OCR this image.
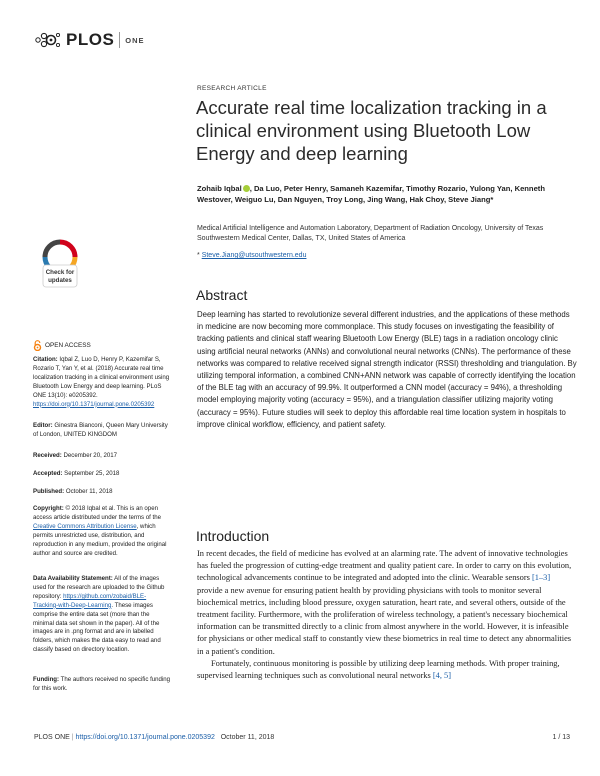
PLOS ONE
RESEARCH ARTICLE
Accurate real time localization tracking in a clinical environment using Bluetooth Low Energy and deep learning
Zohaib Iqbal , Da Luo, Peter Henry, Samaneh Kazemifar, Timothy Rozario, Yulong Yan, Kenneth Westover, Weiguo Lu, Dan Nguyen, Troy Long, Jing Wang, Hak Choy, Steve Jiang*
Medical Artificial Intelligence and Automation Laboratory, Department of Radiation Oncology, University of Texas Southwestern Medical Center, Dallas, TX, United States of America
* Steve.Jiang@utsouthwestern.edu
Abstract
Deep learning has started to revolutionize several different industries, and the applications of these methods in medicine are now becoming more commonplace. This study focuses on investigating the feasibility of tracking patients and clinical staff wearing Bluetooth Low Energy (BLE) tags in a radiation oncology clinic using artificial neural networks (ANNs) and convolutional neural networks (CNNs). The performance of these networks was compared to relative received signal strength indicator (RSSI) thresholding and triangulation. By utilizing temporal information, a combined CNN+ANN network was capable of correctly identifying the location of the BLE tag with an accuracy of 99.9%. It outperformed a CNN model (accuracy = 94%), a thresholding model employing majority voting (accuracy = 95%), and a triangulation classifier utilizing majority voting (accuracy = 95%). Future studies will seek to deploy this affordable real time location system in hospitals to improve clinical workflow, efficiency, and patient safety.
Introduction

In recent decades, the field of medicine has evolved at an alarming rate. The advent of innovative technologies has fueled the progression of cutting-edge treatment and quality patient care. In order to carry on this evolution, technological advancements continue to be integrated and adopted into the clinic. Wearable sensors [1–3] provide a new avenue for ensuring patient health by providing physicians with tools to monitor several biochemical metrics, including blood pressure, oxygen saturation, heart rate, and several others, outside of the treatment facility. Furthermore, with the proliferation of wireless technology, a patient's necessary biochemical information can be transmitted directly to a clinic from almost anywhere in the world. However, it is infeasible for physicians or other medical staff to constantly view these biometrics in real time to detect any abnormalities in a patient's condition.

Fortunately, continuous monitoring is possible by utilizing deep learning methods. With proper training, supervised learning techniques such as convolutional neural networks [4, 5]

Check for
updates
OPEN ACCESS
Citation: Iqbal Z, Luo D, Henry P, Kazemifar S, Rozario T, Yan Y, et al. (2018) Accurate real time localization tracking in a clinical environment using Bluetooth Low Energy and deep learning. PLoS ONE 13(10): e0205392. https://doi.org/10.1371/journal.pone.0205392
Editor: Ginestra Bianconi, Queen Mary University of London, UNITED KINGDOM
Received: December 20, 2017
Accepted: September 25, 2018
Published: October 11, 2018
Copyright: © 2018 Iqbal et al. This is an open access article distributed under the terms of the Creative Commons Attribution License, which permits unrestricted use, distribution, and reproduction in any medium, provided the original author and source are credited.
Data Availability Statement: All of the images used for the research are uploaded to the Github repository: https://github.com/zobaid/BLE-Tracking-with-Deep-Learning. These images comprise the entire data set (more than the minimal data set shown in the paper). All of the images are in .png format and are in labelled folders, which makes the data easy to read and classify based on directory location.
Funding: The authors received no specific funding for this work.
PLOS ONE | https://doi.org/10.1371/journal.pone.0205392 October 11, 2018	1 / 13
